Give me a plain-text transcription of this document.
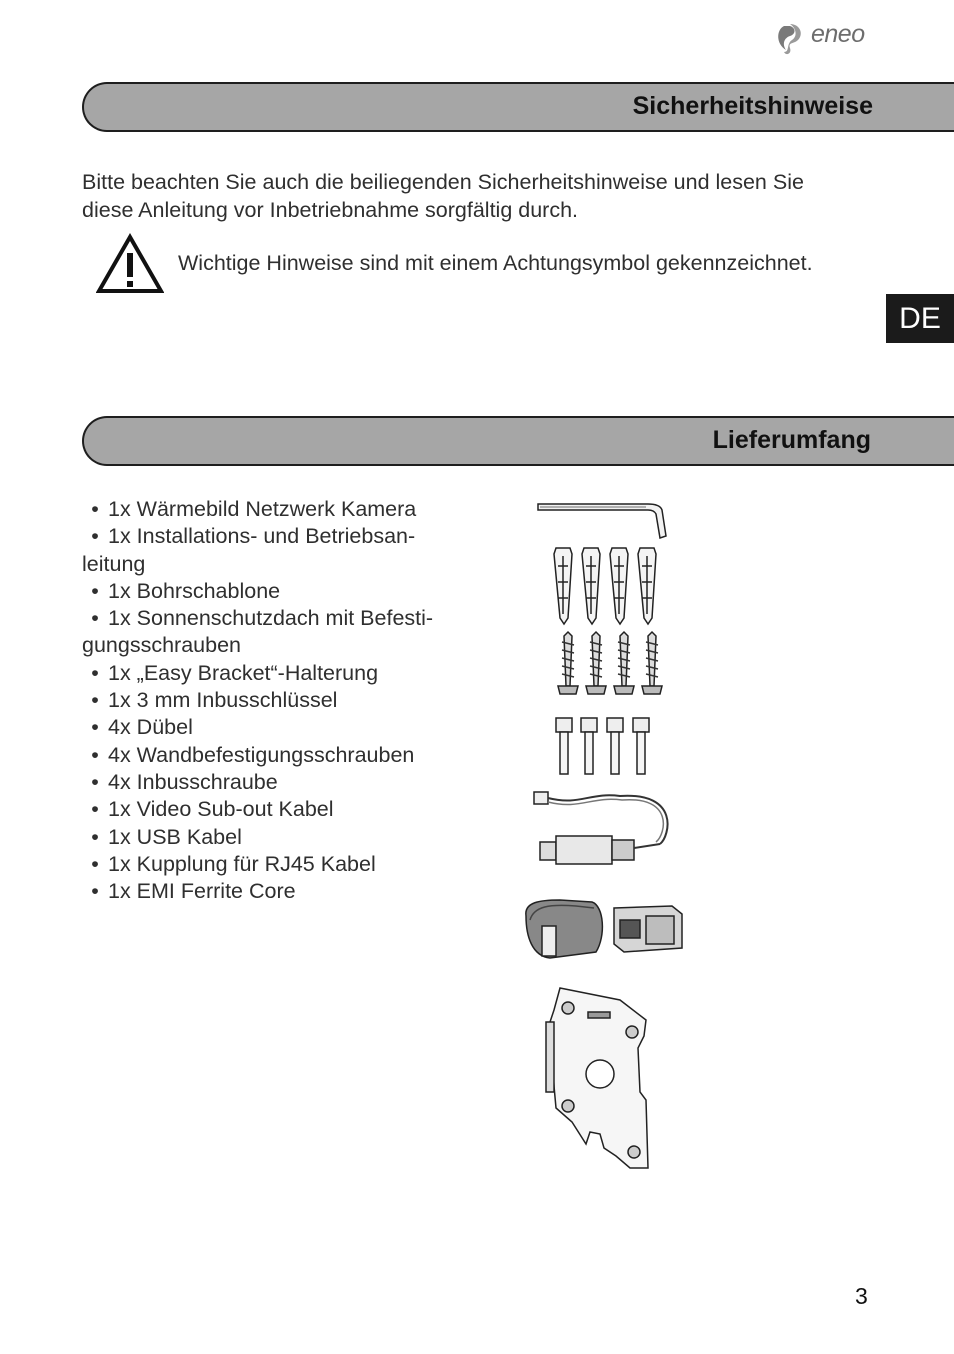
eneo
Sicherheitshinweise
Bitte beachten Sie auch die beiliegenden Sicherheitshinweise und lesen Sie
diese Anleitung vor Inbetriebnahme sorgfältig durch.
Wichtige Hinweise sind mit einem Achtungsymbol gekennzeichnet.
DE
Lieferumfang
• 1x Wärmebild Netzwerk Kamera
• 1x Installations- und Betriebsan-
leitung
• 1x Bohrschablone
• 1x Sonnenschutzdach mit Befesti-
gungsschrauben
• 1x „Easy Bracket“-Halterung
• 1x 3 mm Inbusschlüssel
• 4x Dübel
• 4x Wandbefestigungsschrauben
• 4x Inbusschraube
• 1x Video Sub-out Kabel
• 1x USB Kabel
• 1x Kupplung für RJ45 Kabel
• 1x EMI Ferrite Core
3
